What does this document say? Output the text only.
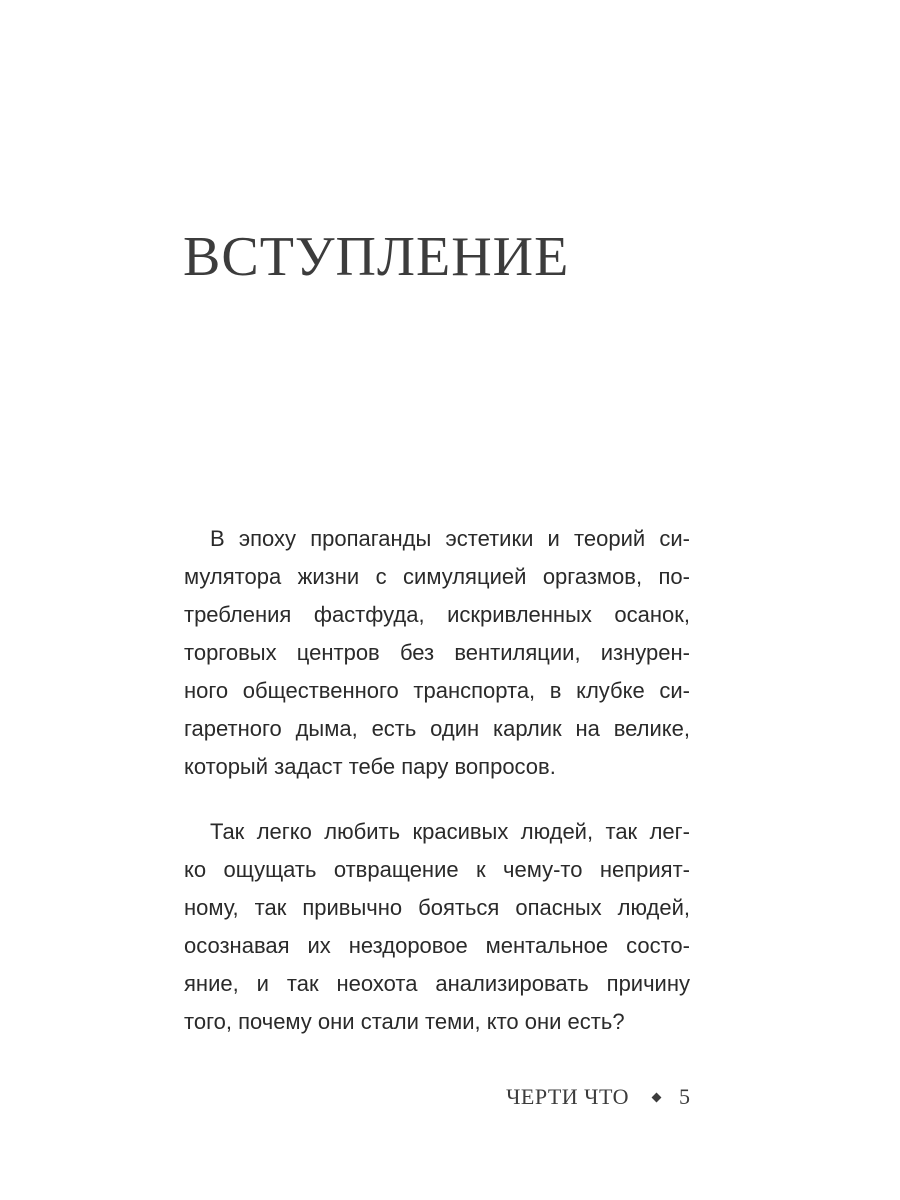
ВСТУПЛЕНИЕ
В эпоху пропаганды эстетики и теорий си-
мулятора жизни с симуляцией оргазмов, по-
требления фастфуда, искривленных осанок,
торговых центров без вентиляции, изнурен-
ного общественного транспорта, в клубке си-
гаретного дыма, есть один карлик на велике,
который задаст тебе пару вопросов.
Так легко любить красивых людей, так лег-
ко ощущать отвращение к чему-то неприят-
ному, так привычно бояться опасных людей,
осознавая их нездоровое ментальное состо-
яние, и так неохота анализировать причину
того, почему они стали теми, кто они есть?
ЧЕРТИ ЧТО 5
